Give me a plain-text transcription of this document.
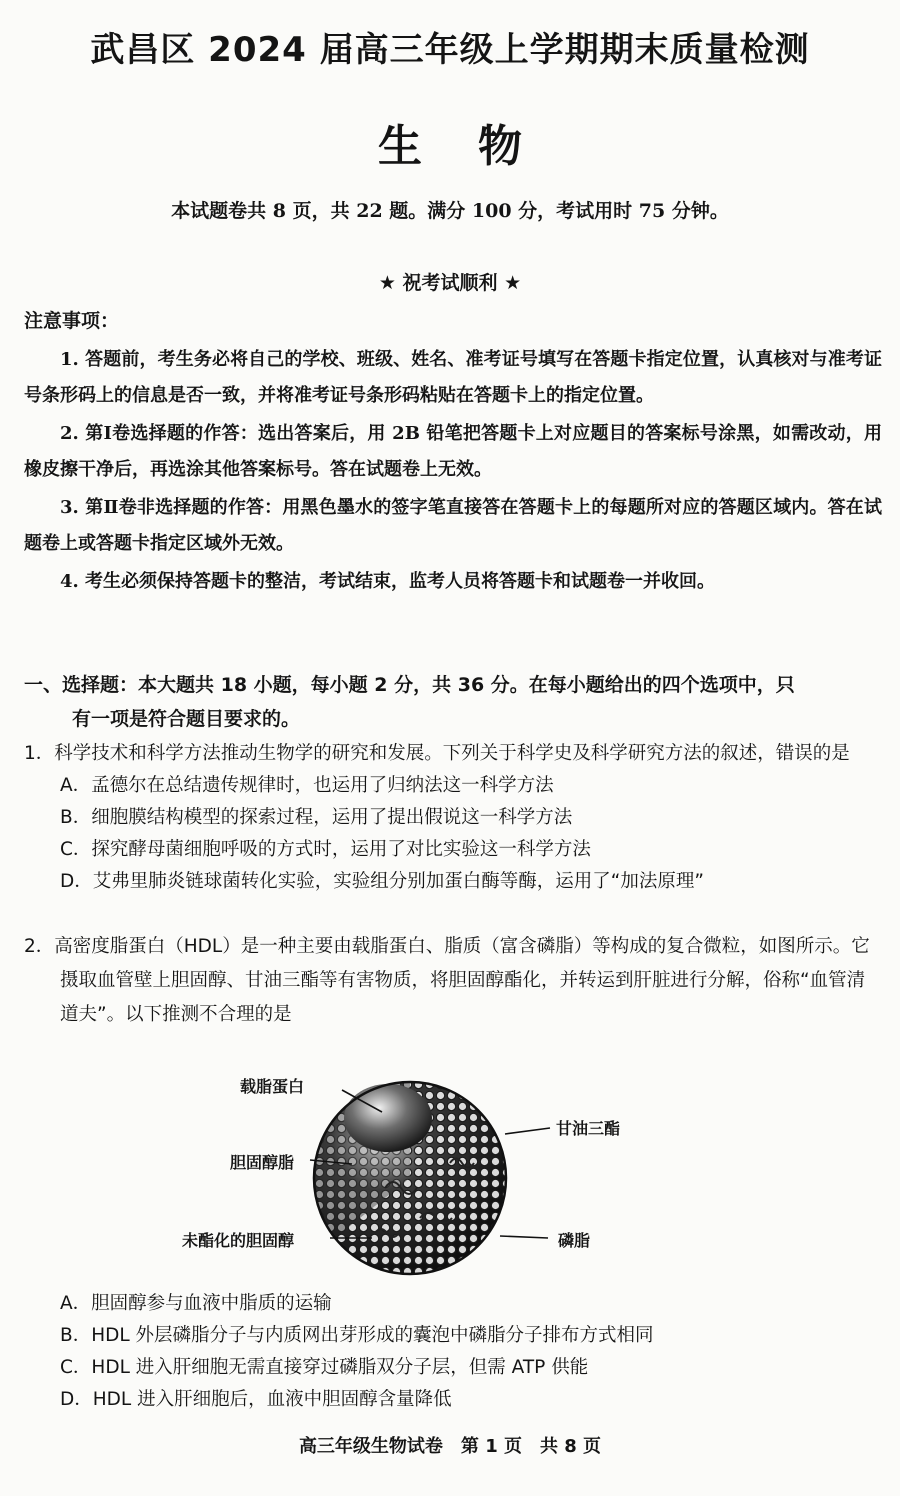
武昌区 2024 届高三年级上学期期末质量检测
生 物
本试题卷共 8 页，共 22 题。满分 100 分，考试用时 75 分钟。
★ 祝考试顺利 ★
注意事项：

1. 答题前，考生务必将自己的学校、班级、姓名、准考证号填写在答题卡指定位置，认真核对与准考证号条形码上的信息是否一致，并将准考证号条形码粘贴在答题卡上的指定位置。

2. 第Ⅰ卷选择题的作答：选出答案后，用 2B 铅笔把答题卡上对应题目的答案标号涂黑，如需改动，用橡皮擦干净后，再选涂其他答案标号。答在试题卷上无效。

3. 第Ⅱ卷非选择题的作答：用黑色墨水的签字笔直接答在答题卡上的每题所对应的答题区域内。答在试题卷上或答题卡指定区域外无效。

4. 考生必须保持答题卡的整洁，考试结束，监考人员将答题卡和试题卷一并收回。

一、选择题：本大题共 18 小题，每小题 2 分，共 36 分。在每小题给出的四个选项中，只
有一项是符合题目要求的。
1．科学技术和科学方法推动生物学的研究和发展。下列关于科学史及科学研究方法的叙述，错误的是
A．孟德尔在总结遗传规律时，也运用了归纳法这一科学方法
B．细胞膜结构模型的探索过程，运用了提出假说这一科学方法
C．探究酵母菌细胞呼吸的方式时，运用了对比实验这一科学方法
D．艾弗里肺炎链球菌转化实验，实验组分别加蛋白酶等酶，运用了“加法原理”
2．高密度脂蛋白（HDL）是一种主要由载脂蛋白、脂质（富含磷脂）等构成的复合微粒，如图所示。它摄取血管壁上胆固醇、甘油三酯等有害物质，将胆固醇酯化，并转运到肝脏进行分解，俗称“血管清道夫”。以下推测不合理的是
载脂蛋白
甘油三酯
胆固醇脂
未酯化的胆固醇	磷脂
A．胆固醇参与血液中脂质的运输
B．HDL 外层磷脂分子与内质网出芽形成的囊泡中磷脂分子排布方式相同
C．HDL 进入肝细胞无需直接穿过磷脂双分子层，但需 ATP 供能
D．HDL 进入肝细胞后，血液中胆固醇含量降低
高三年级生物试卷　第 1 页　共 8 页
